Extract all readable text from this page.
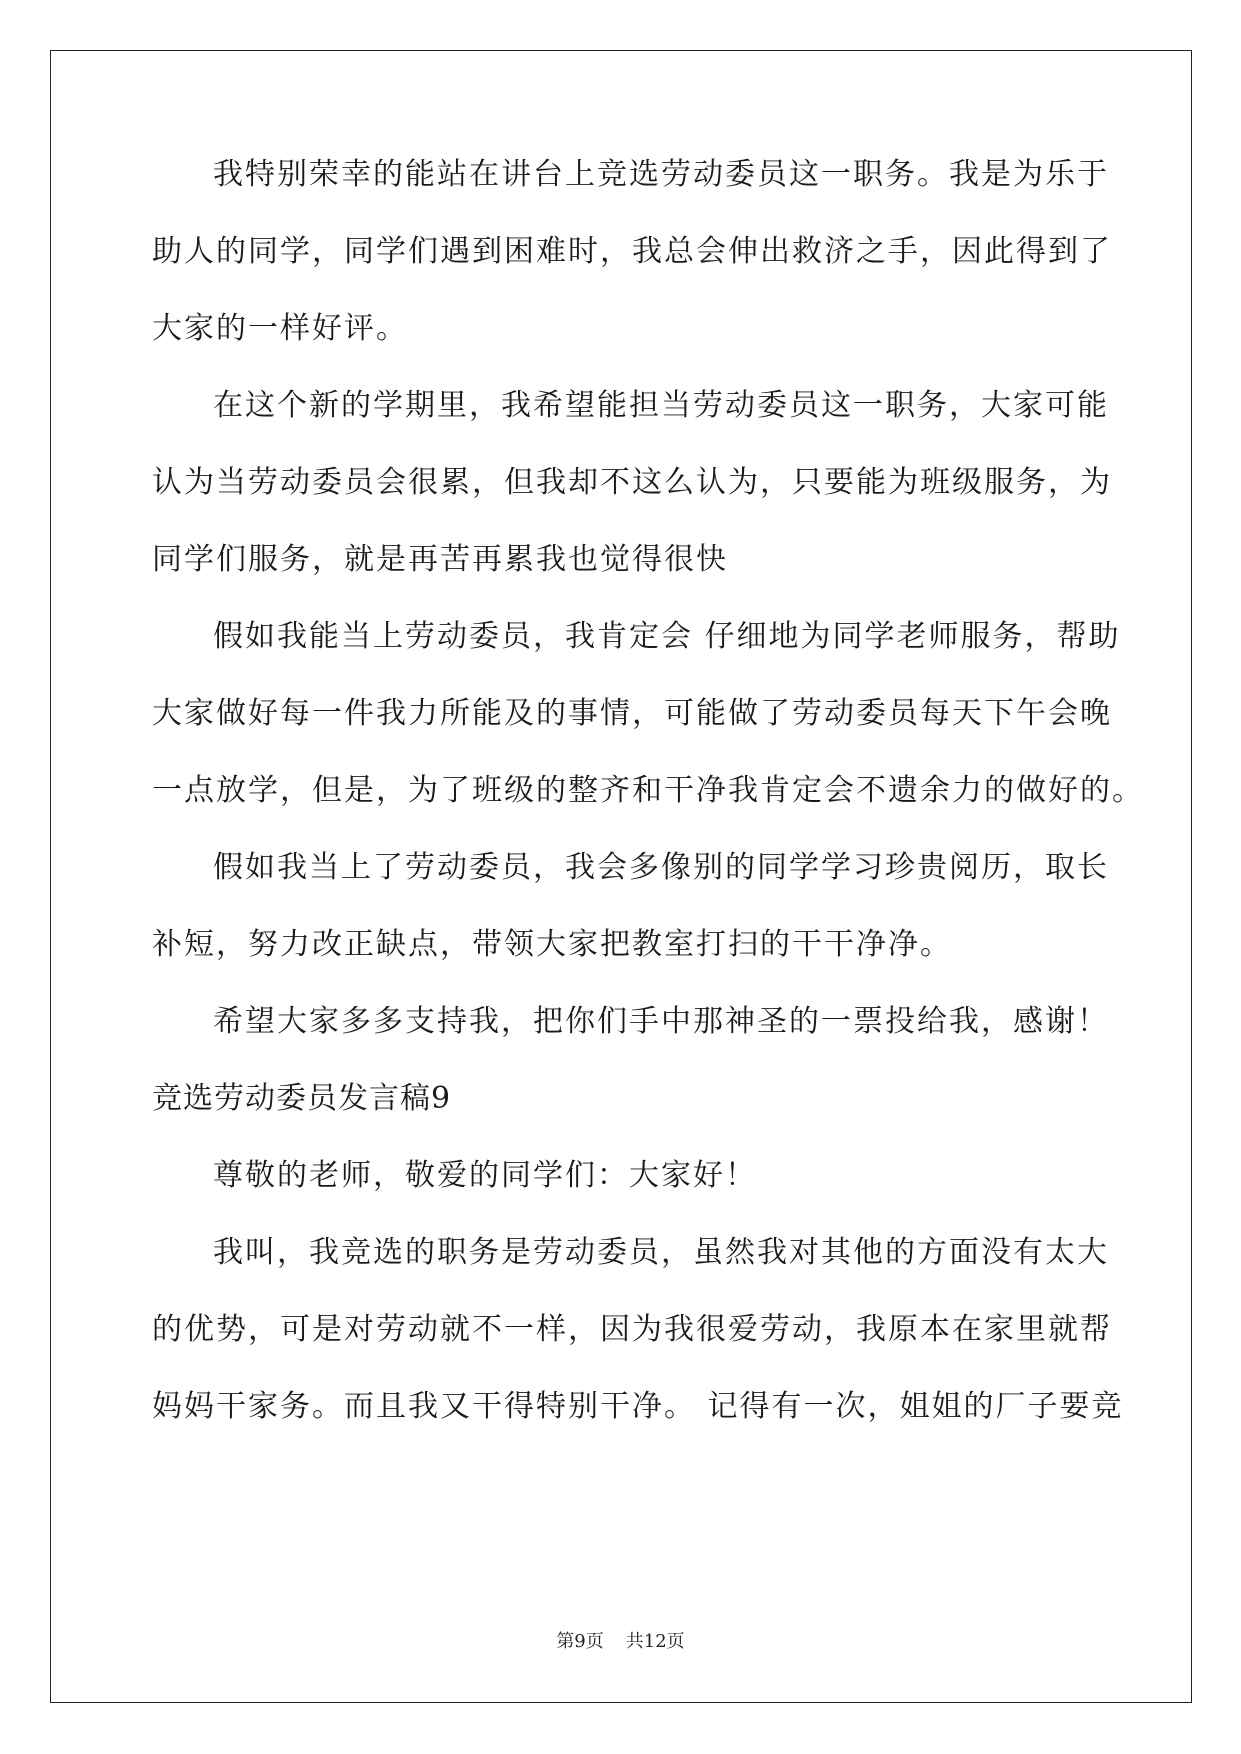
我特别荣幸的能站在讲台上竞选劳动委员这一职务。我是为乐于
助人的同学，同学们遇到困难时，我总会伸出救济之手，因此得到了
大家的一样好评。
在这个新的学期里，我希望能担当劳动委员这一职务，大家可能
认为当劳动委员会很累，但我却不这么认为，只要能为班级服务，为
同学们服务，就是再苦再累我也觉得很快
假如我能当上劳动委员，我肯定会 仔细地为同学老师服务，帮助
大家做好每一件我力所能及的事情，可能做了劳动委员每天下午会晚
一点放学，但是，为了班级的整齐和干净我肯定会不遗余力的做好的。
假如我当上了劳动委员，我会多像别的同学学习珍贵阅历，取长
补短，努力改正缺点，带领大家把教室打扫的干干净净。
希望大家多多支持我，把你们手中那神圣的一票投给我，感谢！
竞选劳动委员发言稿9
尊敬的老师，敬爱的同学们：大家好！
我叫，我竞选的职务是劳动委员，虽然我对其他的方面没有太大
的优势，可是对劳动就不一样，因为我很爱劳动，我原本在家里就帮
妈妈干家务。而且我又干得特别干净。 记得有一次，姐姐的厂子要竞
第9页 共12页
